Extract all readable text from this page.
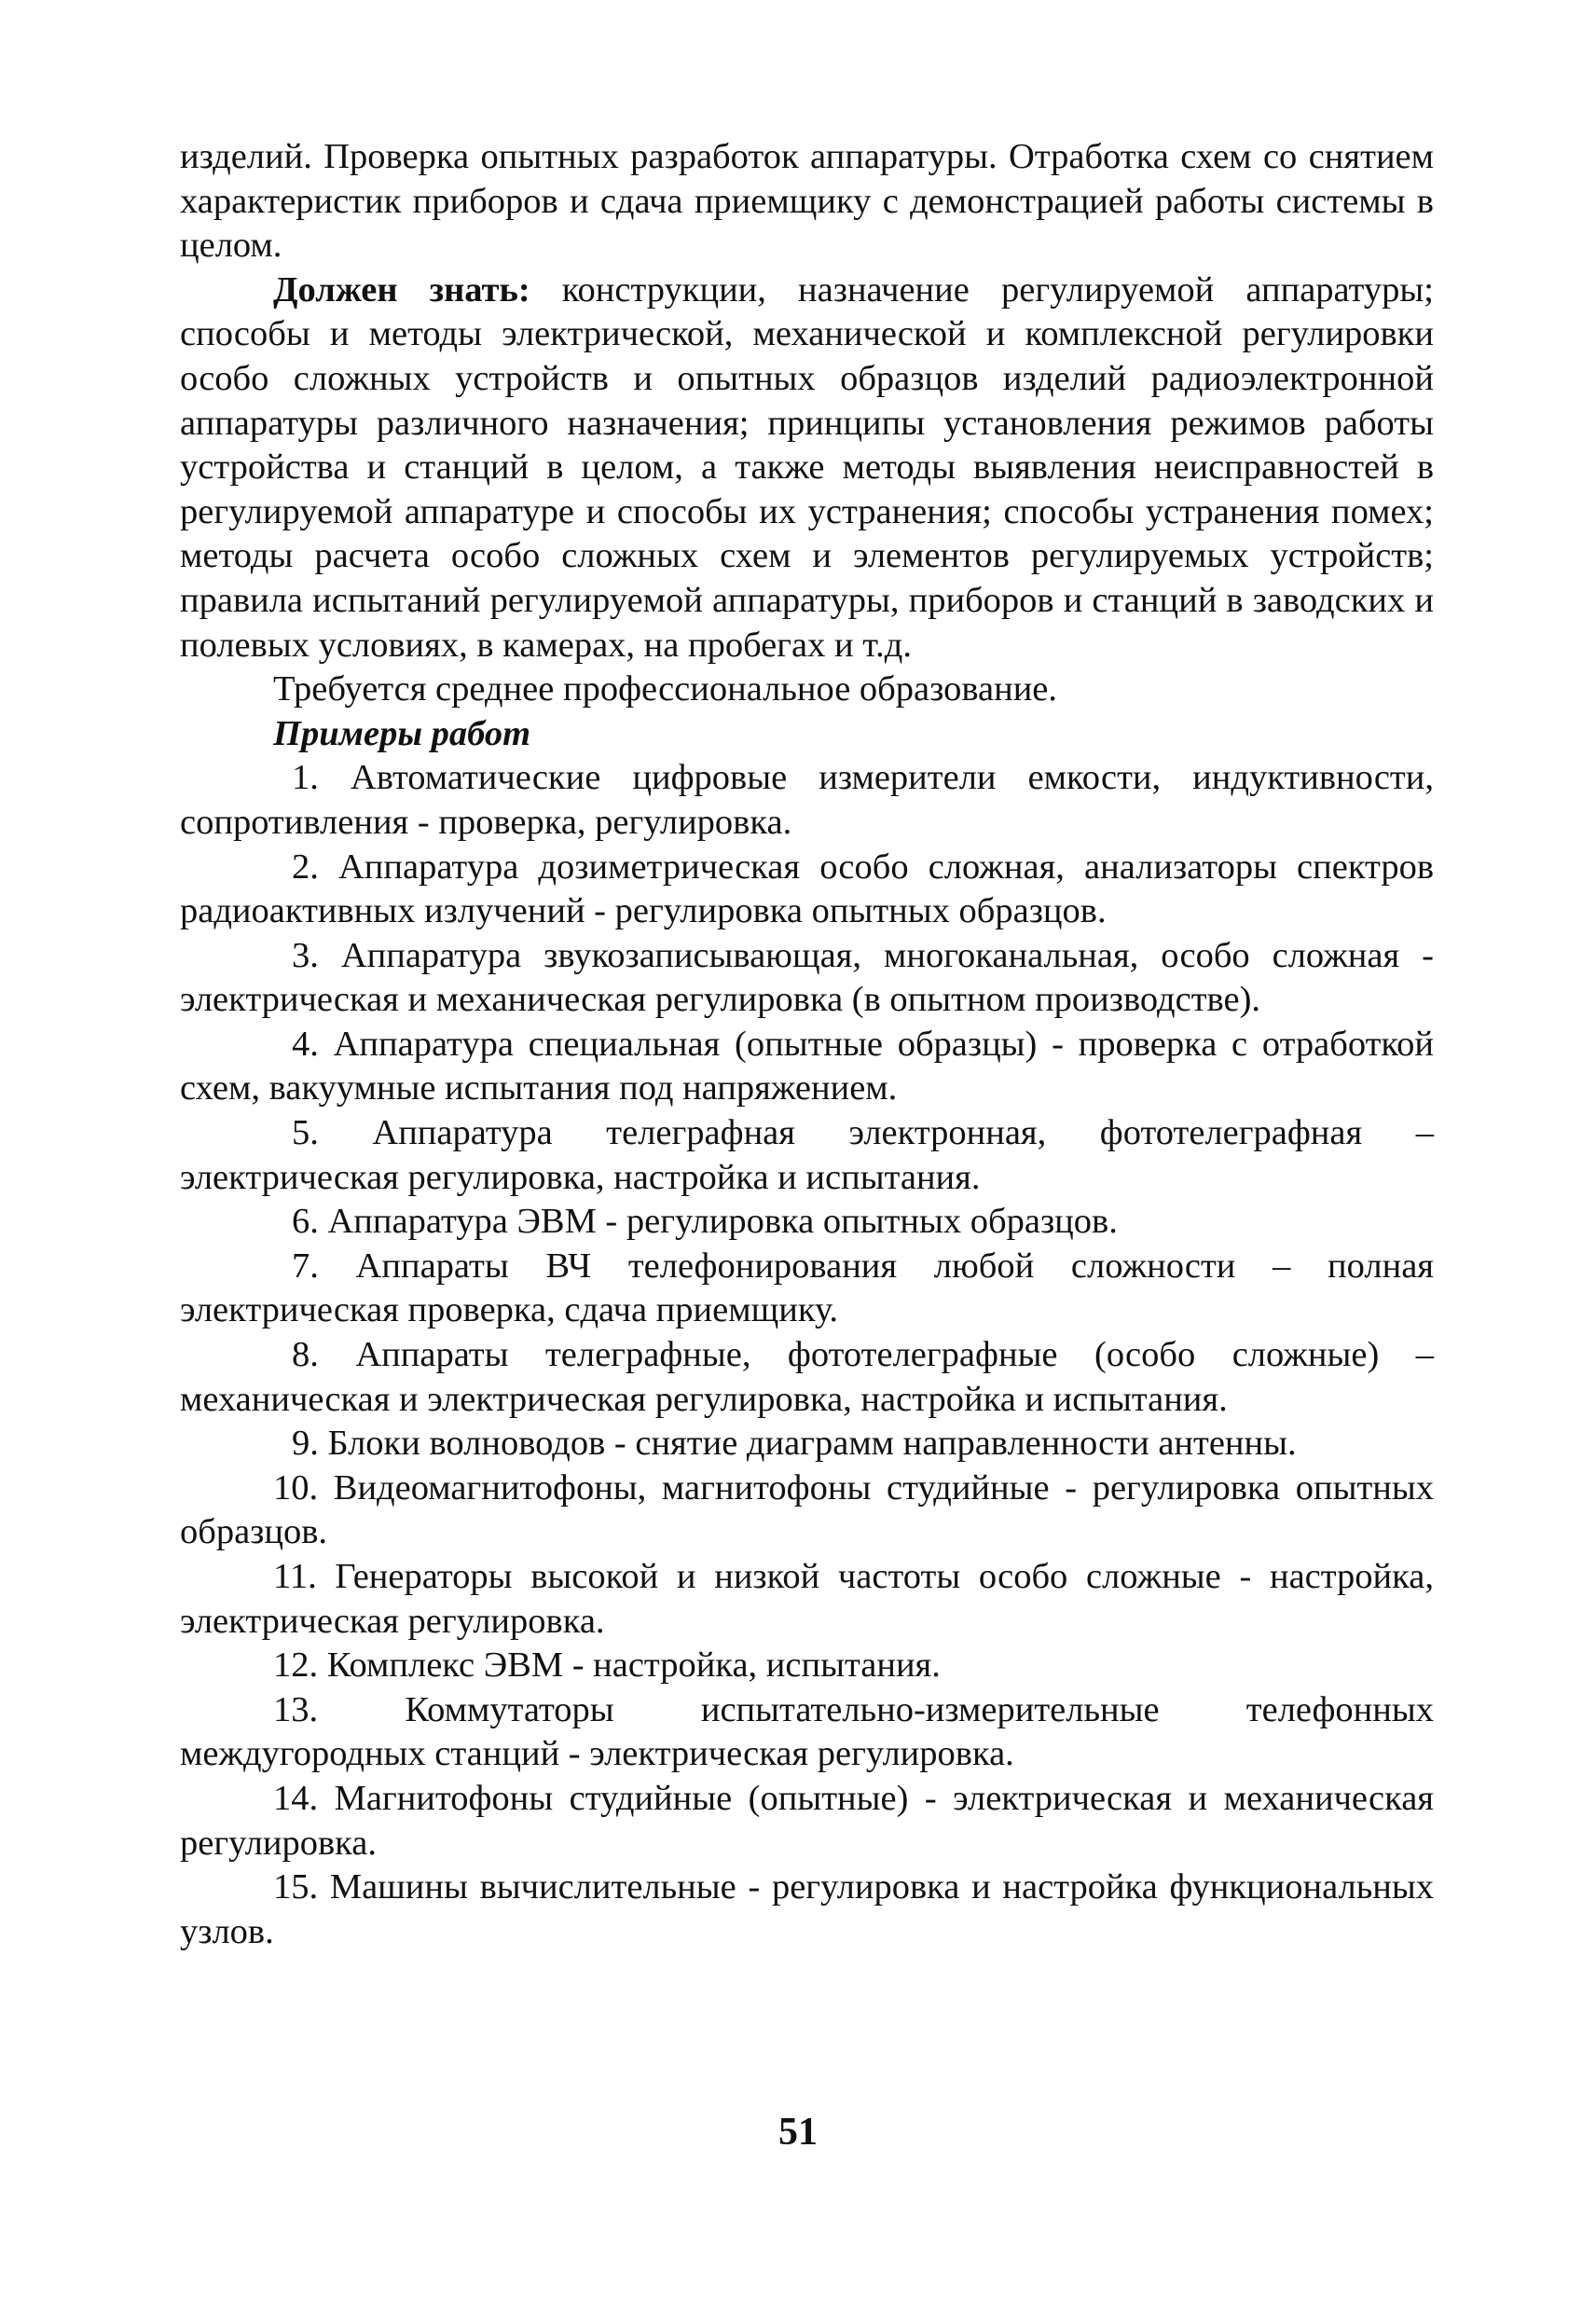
изделий. Проверка опытных разработок аппаратуры. Отработка схем со снятием характеристик приборов и сдача приемщику с демонстрацией работы системы в целом.

Должен знать: конструкции, назначение регулируемой аппаратуры; способы и методы электрической, механической и комплексной регулировки особо сложных устройств и опытных образцов изделий радиоэлектронной аппаратуры различного назначения; принципы установления режимов работы устройства и станций в целом, а также методы выявления неисправностей в регулируемой аппаратуре и способы их устранения; способы устранения помех; методы расчета особо сложных схем и элементов регулируемых устройств; правила испытаний регулируемой аппаратуры, приборов и станций в заводских и полевых условиях, в камерах, на пробегах и т.д.

Требуется среднее профессиональное образование.

Примеры работ

1. Автоматические цифровые измерители емкости, индуктивности, сопротивления - проверка, регулировка.

2. Аппаратура дозиметрическая особо сложная, анализаторы спектров радиоактивных излучений - регулировка опытных образцов.

3. Аппаратура звукозаписывающая, многоканальная, особо сложная - электрическая и механическая регулировка (в опытном производстве).

4. Аппаратура специальная (опытные образцы) - проверка с отработкой схем, вакуумные испытания под напряжением.

5. Аппаратура телеграфная электронная, фототелеграфная – электрическая регулировка, настройка и испытания.

6. Аппаратура ЭВМ - регулировка опытных образцов.

7. Аппараты ВЧ телефонирования любой сложности – полная электрическая проверка, сдача приемщику.

8. Аппараты телеграфные, фототелеграфные (особо сложные) – механическая и электрическая регулировка, настройка и испытания.

9. Блоки волноводов - снятие диаграмм направленности антенны.

10. Видеомагнитофоны, магнитофоны студийные - регулировка опытных образцов.

11. Генераторы высокой и низкой частоты особо сложные - настройка, электрическая регулировка.

12. Комплекс ЭВМ - настройка, испытания.

13. Коммутаторы испытательно-измерительные телефонных междугородных станций - электрическая регулировка.

14. Магнитофоны студийные (опытные) - электрическая и механическая регулировка.

15. Машины вычислительные - регулировка и настройка функциональных узлов.

51
